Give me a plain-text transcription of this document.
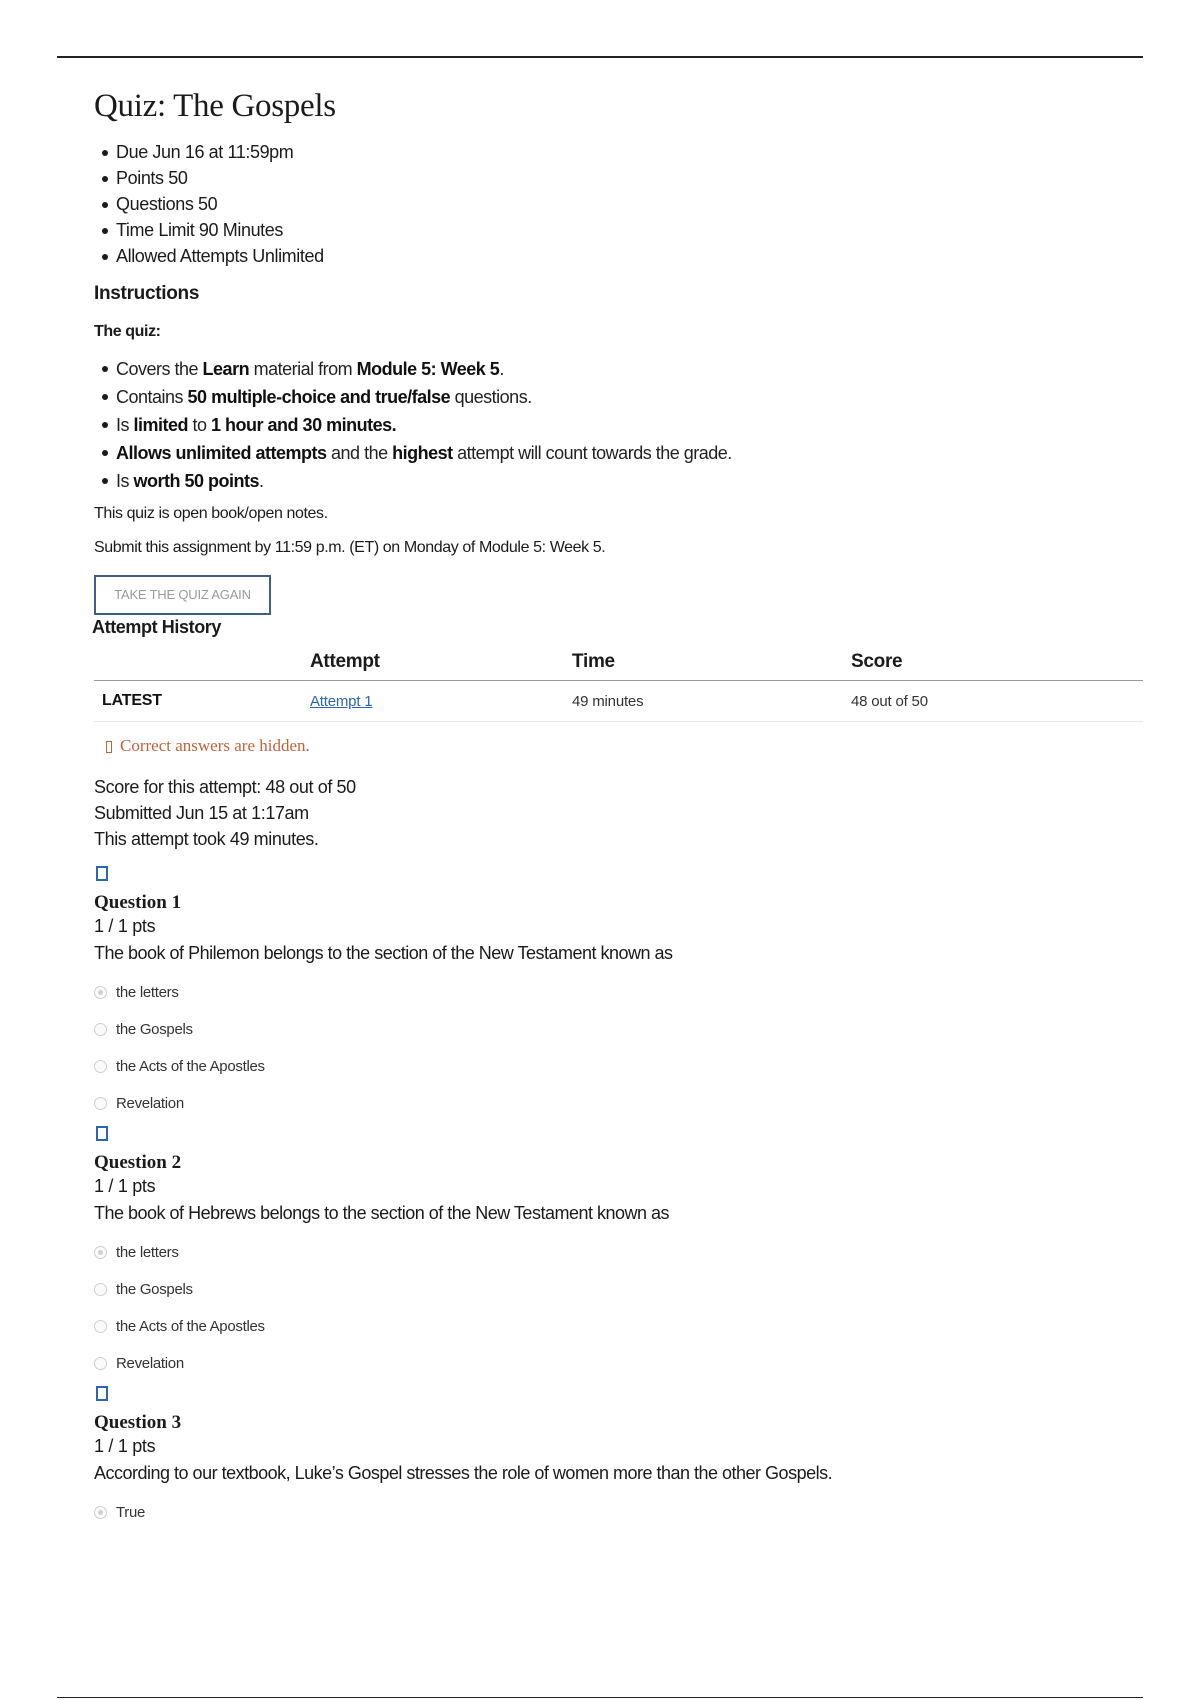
Quiz: The Gospels
Due Jun 16 at 11:59pm
Points 50
Questions 50
Time Limit 90 Minutes
Allowed Attempts Unlimited
Instructions

The quiz:

Covers the Learn material from Module 5: Week 5.
Contains 50 multiple-choice and true/false questions.
Is limited to 1 hour and 30 minutes.
Allows unlimited attempts and the highest attempt will count towards the grade.
Is worth 50 points.

This quiz is open book/open notes.

Submit this assignment by 11:59 p.m. (ET) on Monday of Module 5: Week 5.

TAKE THE QUIZ AGAIN
Attempt History
	Attempt	Time	Score
LATEST	Attempt 1	49 minutes	48 out of 50
Correct answers are hidden.

Score for this attempt: 48 out of 50

Submitted Jun 15 at 1:17am

This attempt took 49 minutes.

Question 1
1 / 1 pts
The book of Philemon belongs to the section of the New Testament known as
the letters
the Gospels
the Acts of the Apostles
Revelation
Question 2
1 / 1 pts
The book of Hebrews belongs to the section of the New Testament known as
the letters
the Gospels
the Acts of the Apostles
Revelation
Question 3
1 / 1 pts
According to our textbook, Luke’s Gospel stresses the role of women more than the other Gospels.
True
